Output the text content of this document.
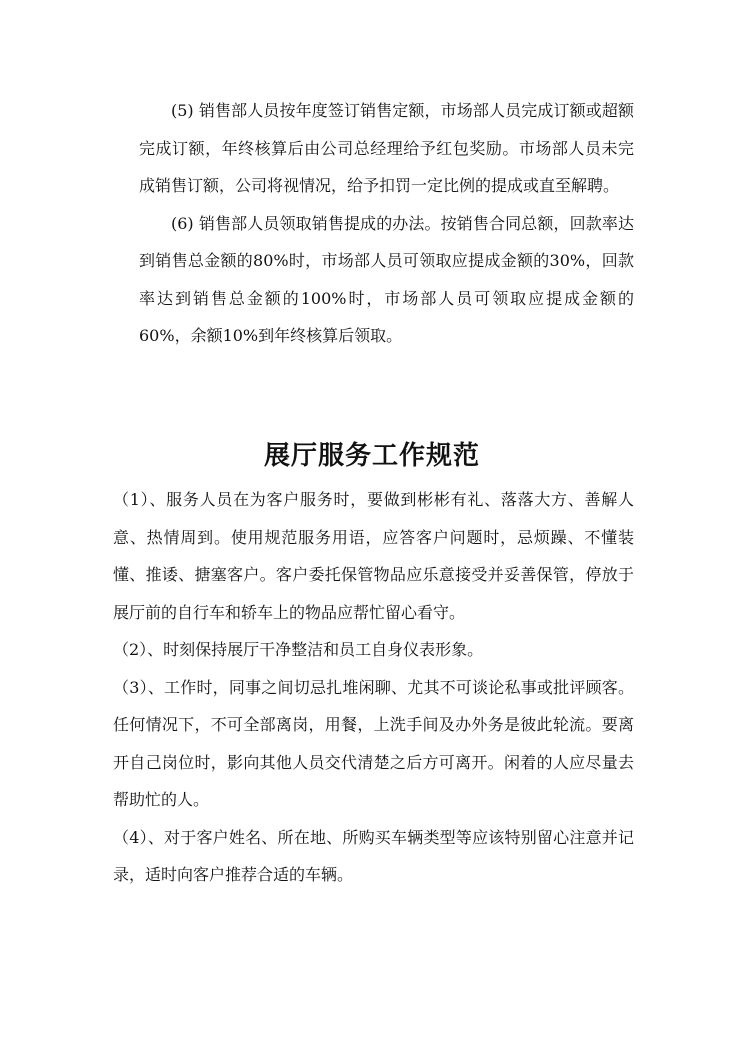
(5) 销售部人员按年度签订销售定额，市场部人员完成订额或超额完成订额，年终核算后由公司总经理给予红包奖励。市场部人员未完成销售订额，公司将视情况，给予扣罚一定比例的提成或直至解聘。

(6) 销售部人员领取销售提成的办法。按销售合同总额，回款率达到销售总金额的80%时，市场部人员可领取应提成金额的30%，回款率达到销售总金额的100%时，市场部人员可领取应提成金额的60%，余额10%到年终核算后领取。

展厅服务工作规范

（1）、服务人员在为客户服务时，要做到彬彬有礼、落落大方、善解人意、热情周到。使用规范服务用语，应答客户问题时，忌烦躁、不懂装懂、推诿、搪塞客户。客户委托保管物品应乐意接受并妥善保管，停放于展厅前的自行车和轿车上的物品应帮忙留心看守。

（2）、时刻保持展厅干净整洁和员工自身仪表形象。

（3）、工作时，同事之间切忌扎堆闲聊、尤其不可谈论私事或批评顾客。任何情况下，不可全部离岗，用餐，上洗手间及办外务是彼此轮流。要离开自己岗位时，影向其他人员交代清楚之后方可离开。闲着的人应尽量去帮助忙的人。

（4）、对于客户姓名、所在地、所购买车辆类型等应该特别留心注意并记录，适时向客户推荐合适的车辆。
